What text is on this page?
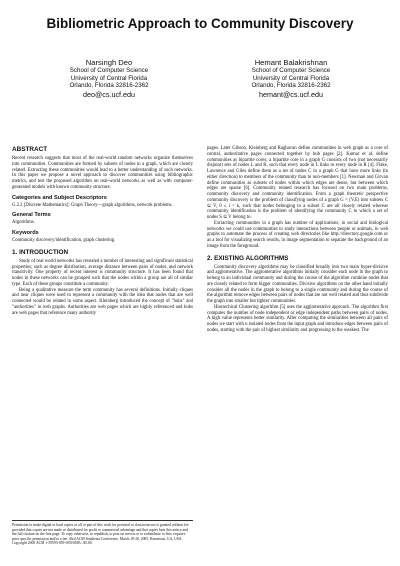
Bibliometric Approach to Community Discovery
Narsingh Deo
School of Computer Science
University of Central Florida
Orlando, Florida 32816-2362
deo@cs.ucf.edu
Hemant Balakrishnan
School of Computer Science
University of Central Florida
Orlando, Florida 32816-2362
hemant@cs.ucf.edu
ABSTRACT

Recent research suggests that most of the real-world random networks organize themselves into communities. Communities are formed by subsets of nodes in a graph, which are closely related. Extracting these communities would lead to a better understanding of such networks. In this paper we propose a novel approach to discover communities using bibliographic metrics, and test the proposed algorithm on real-world networks as well as with computer-generated models with known community structure.

Categories and Subject Descriptors

G.2.2 [Discrete Mathematics]: Graph Theory—graph algorithms, network problems.

General Terms

Algorithms.

Keywords

Community discovery/identification, graph clustering.

1. INTRODUCTION

Study of real world networks has revealed a number of interesting and significant statistical properties; such as degree distribution, average distance between pairs of nodes, and network transitivity. One property of recent interest is community structure. It has been found that nodes in these networks can be grouped such that the nodes within a group are all of similar type. Each of these groups constitute a community.

Being a qualitative measure the term community has several definitions. Initially cliques and near cliques were used to represent a community with the idea that nodes that are well connected would be related in some aspect. Kleinberg introduced the concept of "hubs" and "authorities" in web graphs. Authorities are web pages which are highly referenced and hubs are web pages that reference many authority

Permission to make digital or hard copies of all or part of this work for personal or classroom use is granted without fee provided that copies are not made or distributed for profit or commercial advantage and that copies bear this notice and the full citation on the first page. To copy otherwise, to republish, to post on servers or to redistribute to lists, requires prior specific permission and/or a fee. 43rd ACM Southeast Conference, March 18-20, 2005, Kennesaw, GA, USA. Copyright 2005 ACM 1-59593-059-0/05/0003...$5.00.

pages. Later Gibson, Kleinberg and Raghavan define communities in web graph as a core of central, authoritative pages connected together by hub pages [2]. Kumar et al. define communities as bipartite cores; a bipartite core in a graph G consists of two (not necessarily disjoint) sets of nodes L and R, such that every node in L links to every node in R [4]. Flake, Lawrence and Giles define them as a set of nodes C in a graph G that have more links (in either direction) to members of the community than to non-members [1]. Newman and Girvan define communities as subsets of nodes within which edges are dense, but between which edges are sparse [6]. Community related research has focused on two main problems, community discovery and community identification. From a graph theoretic perspective community discovery is the problem of classifying nodes of a graph G = (V,E) into subsets C ⊆ V, 0 ≤ i < k, such that nodes belonging to a subset C are all closely related whereas community identification is the problem of identifying the community C to which a set of nodes S ⊆ V belong to.

Extracting communities in a graph has number of applications; in social and biological networks we could use communities to study interactions between people or animals, in web graphs to automate the process of creating web directories like http://directory.google.com or as a tool for visualizing search results, in image segmentation to separate the background of an image from the foreground.

2. EXISTING ALGORITHMS

Community discovery algorithms may be classified broadly into two main hyper-divisive and agglomerative. The agglomerative algorithms initially consider each node in the graph to belong to an individual community and during the course of the algorithm combine nodes that are closely related to form bigger communities. Divisive algorithms on the other hand initially consider all the nodes in the graph to belong to a single community and during the course of the algorithm remove edges between pairs of nodes that are not well related and thus subdivide the graph into smaller but tighter communities.

Hierarchical Clustering algorithm [5] uses the agglomerative approach. The algorithm first computes the number of node independent or edge independent paths between pairs of nodes. A high value represents better similarity. After computing the similarities between all pairs of nodes we start with n isolated nodes from the input graph and introduce edges between pairs of nodes, starting with the pair of highest similarity and progressing to the weakest. The
